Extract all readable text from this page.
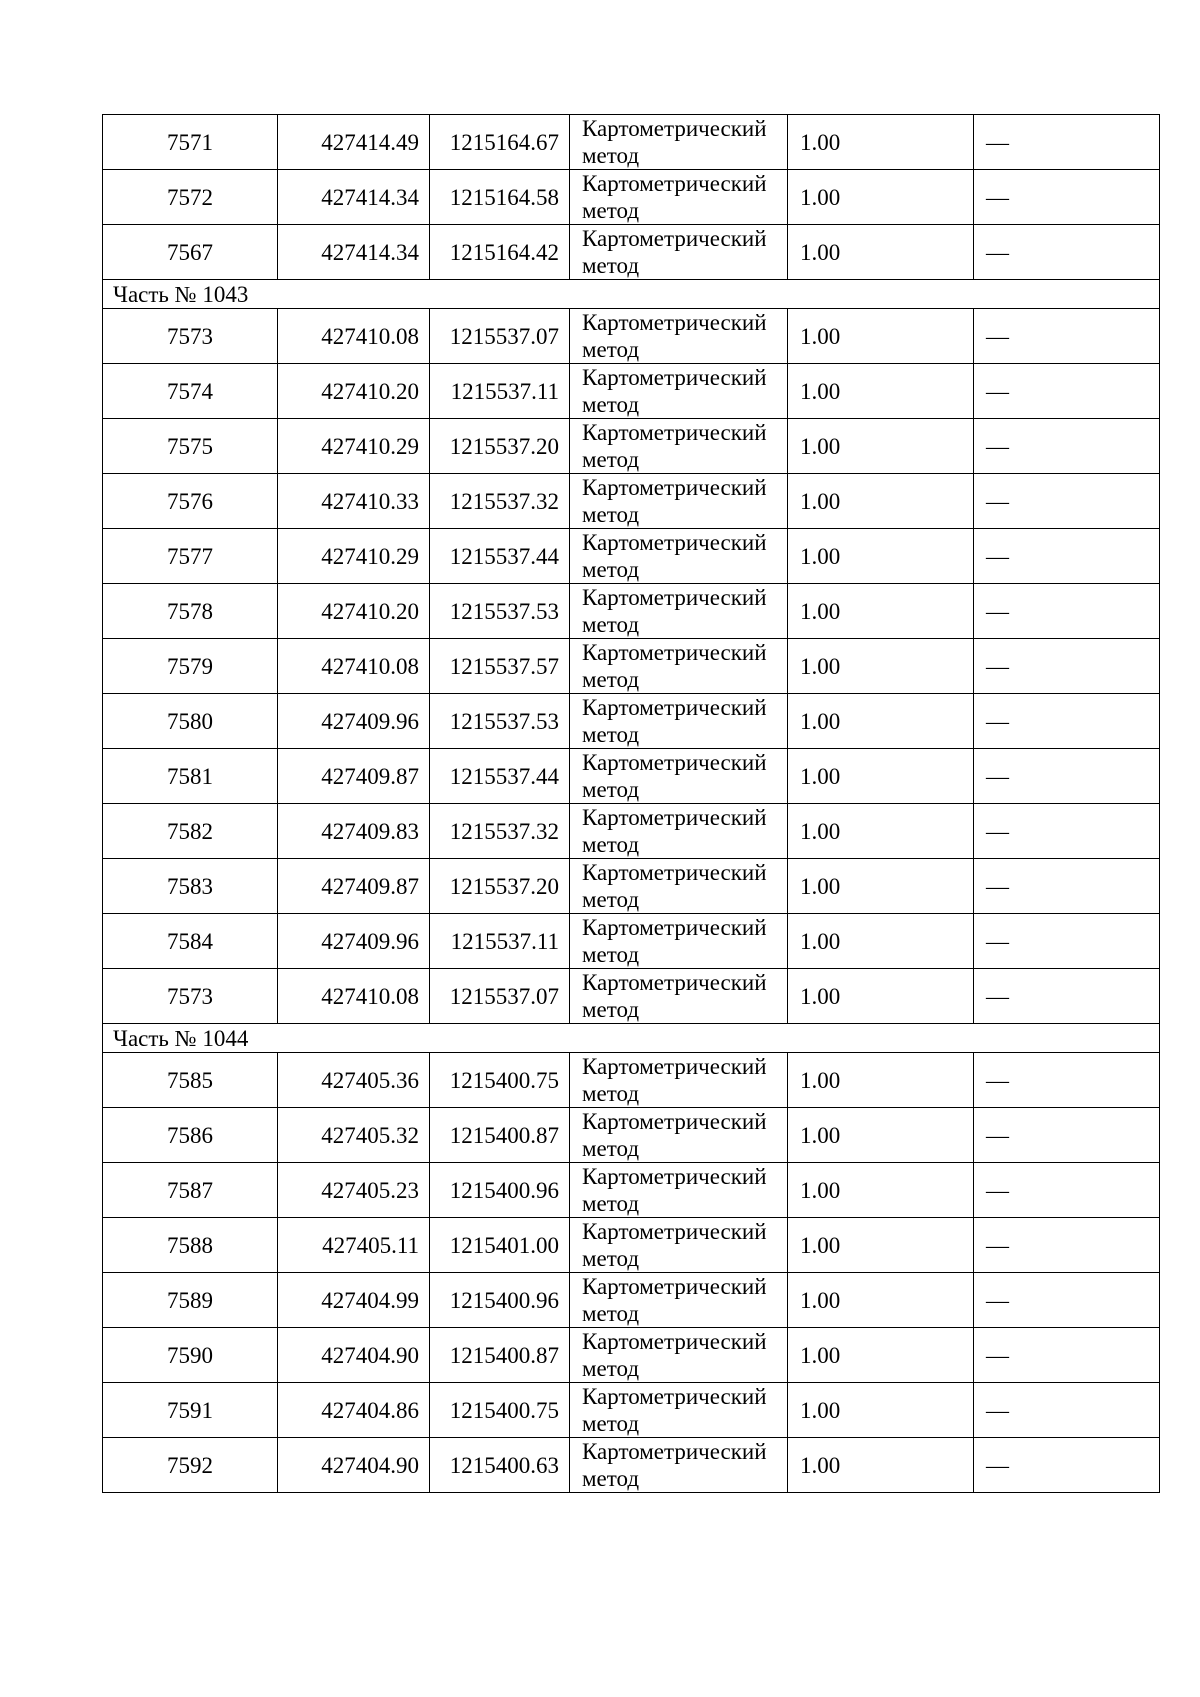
7571	427414.49	1215164.67	Картометрический
метод	1.00	—
7572	427414.34	1215164.58	Картометрический
метод	1.00	—
7567	427414.34	1215164.42	Картометрический
метод	1.00	—
Часть № 1043					
7573	427410.08	1215537.07	Картометрический
метод	1.00	—
7574	427410.20	1215537.11	Картометрический
метод	1.00	—
7575	427410.29	1215537.20	Картометрический
метод	1.00	—
7576	427410.33	1215537.32	Картометрический
метод	1.00	—
7577	427410.29	1215537.44	Картометрический
метод	1.00	—
7578	427410.20	1215537.53	Картометрический
метод	1.00	—
7579	427410.08	1215537.57	Картометрический
метод	1.00	—
7580	427409.96	1215537.53	Картометрический
метод	1.00	—
7581	427409.87	1215537.44	Картометрический
метод	1.00	—
7582	427409.83	1215537.32	Картометрический
метод	1.00	—
7583	427409.87	1215537.20	Картометрический
метод	1.00	—
7584	427409.96	1215537.11	Картометрический
метод	1.00	—
7573	427410.08	1215537.07	Картометрический
метод	1.00	—
Часть № 1044					
7585	427405.36	1215400.75	Картометрический
метод	1.00	—
7586	427405.32	1215400.87	Картометрический
метод	1.00	—
7587	427405.23	1215400.96	Картометрический
метод	1.00	—
7588	427405.11	1215401.00	Картометрический
метод	1.00	—
7589	427404.99	1215400.96	Картометрический
метод	1.00	—
7590	427404.90	1215400.87	Картометрический
метод	1.00	—
7591	427404.86	1215400.75	Картометрический
метод	1.00	—
7592	427404.90	1215400.63	Картометрический
метод	1.00	—
